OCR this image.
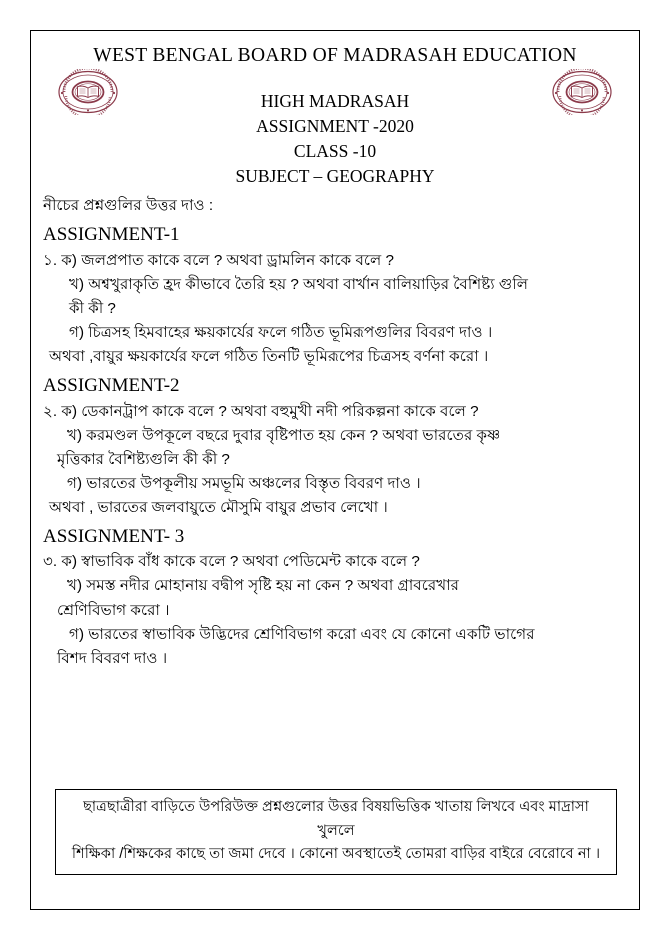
WEST BENGAL BOARD OF MADRASAH EDUCATION
HIGH MADRASAH
ASSIGNMENT -2020
CLASS -10
SUBJECT – GEOGRAPHY
নীচের প্রশ্নগুলির উত্তর দাও :
ASSIGNMENT-1
১. ক) জলপ্রপাত কাকে বলে ? অথবা ড্রামলিন কাকে বলে ?
খ) অশ্বখুরাকৃতি হ্রদ কীভাবে তৈরি হয় ? অথবা বার্খান বালিয়াড়ির বৈশিষ্ট্য গুলি
কী কী ?
গ) চিত্রসহ হিমবাহের ক্ষয়কার্যের ফলে গঠিত ভূমিরূপগুলির বিবরণ দাও ।
অথবা ,বায়ুর ক্ষয়কার্যের ফলে গঠিত তিনটি ভূমিরূপের চিত্রসহ বর্ণনা করো ।
ASSIGNMENT-2
২. ক) ডেকানট্রাপ কাকে বলে ? অথবা বহুমুখী নদী পরিকল্পনা কাকে বলে ?
খ) করমণ্ডল উপকূলে বছরে দুবার বৃষ্টিপাত হয় কেন ? অথবা ভারতের কৃষ্ণ
মৃত্তিকার বৈশিষ্ট্যগুলি কী কী ?
গ) ভারতের উপকূলীয় সমভূমি অঞ্চলের বিস্তৃত বিবরণ দাও ।
অথবা , ভারতের জলবায়ুতে মৌসুমি বায়ুর প্রভাব লেখো ।
ASSIGNMENT- 3
৩. ক) স্বাভাবিক বাঁধ কাকে বলে ? অথবা পেডিমেন্ট কাকে বলে ?
খ) সমস্ত নদীর মোহানায় বদ্বীপ সৃষ্টি হয় না কেন ? অথবা গ্রাবরেখার
শ্রেণিবিভাগ করো ।
গ) ভারতের স্বাভাবিক উদ্ভিদের শ্রেণিবিভাগ করো এবং যে কোনো একটি ভাগের
বিশদ বিবরণ দাও ।
ছাত্রছাত্রীরা বাড়িতে উপরিউক্ত প্রশ্নগুলোর উত্তর বিষয়ভিত্তিক খাতায় লিখবে এবং মাদ্রাসা খুললে
শিক্ষিকা /শিক্ষকের কাছে তা জমা দেবে । কোনো অবস্থাতেই তোমরা বাড়ির বাইরে বেরোবে না ।
